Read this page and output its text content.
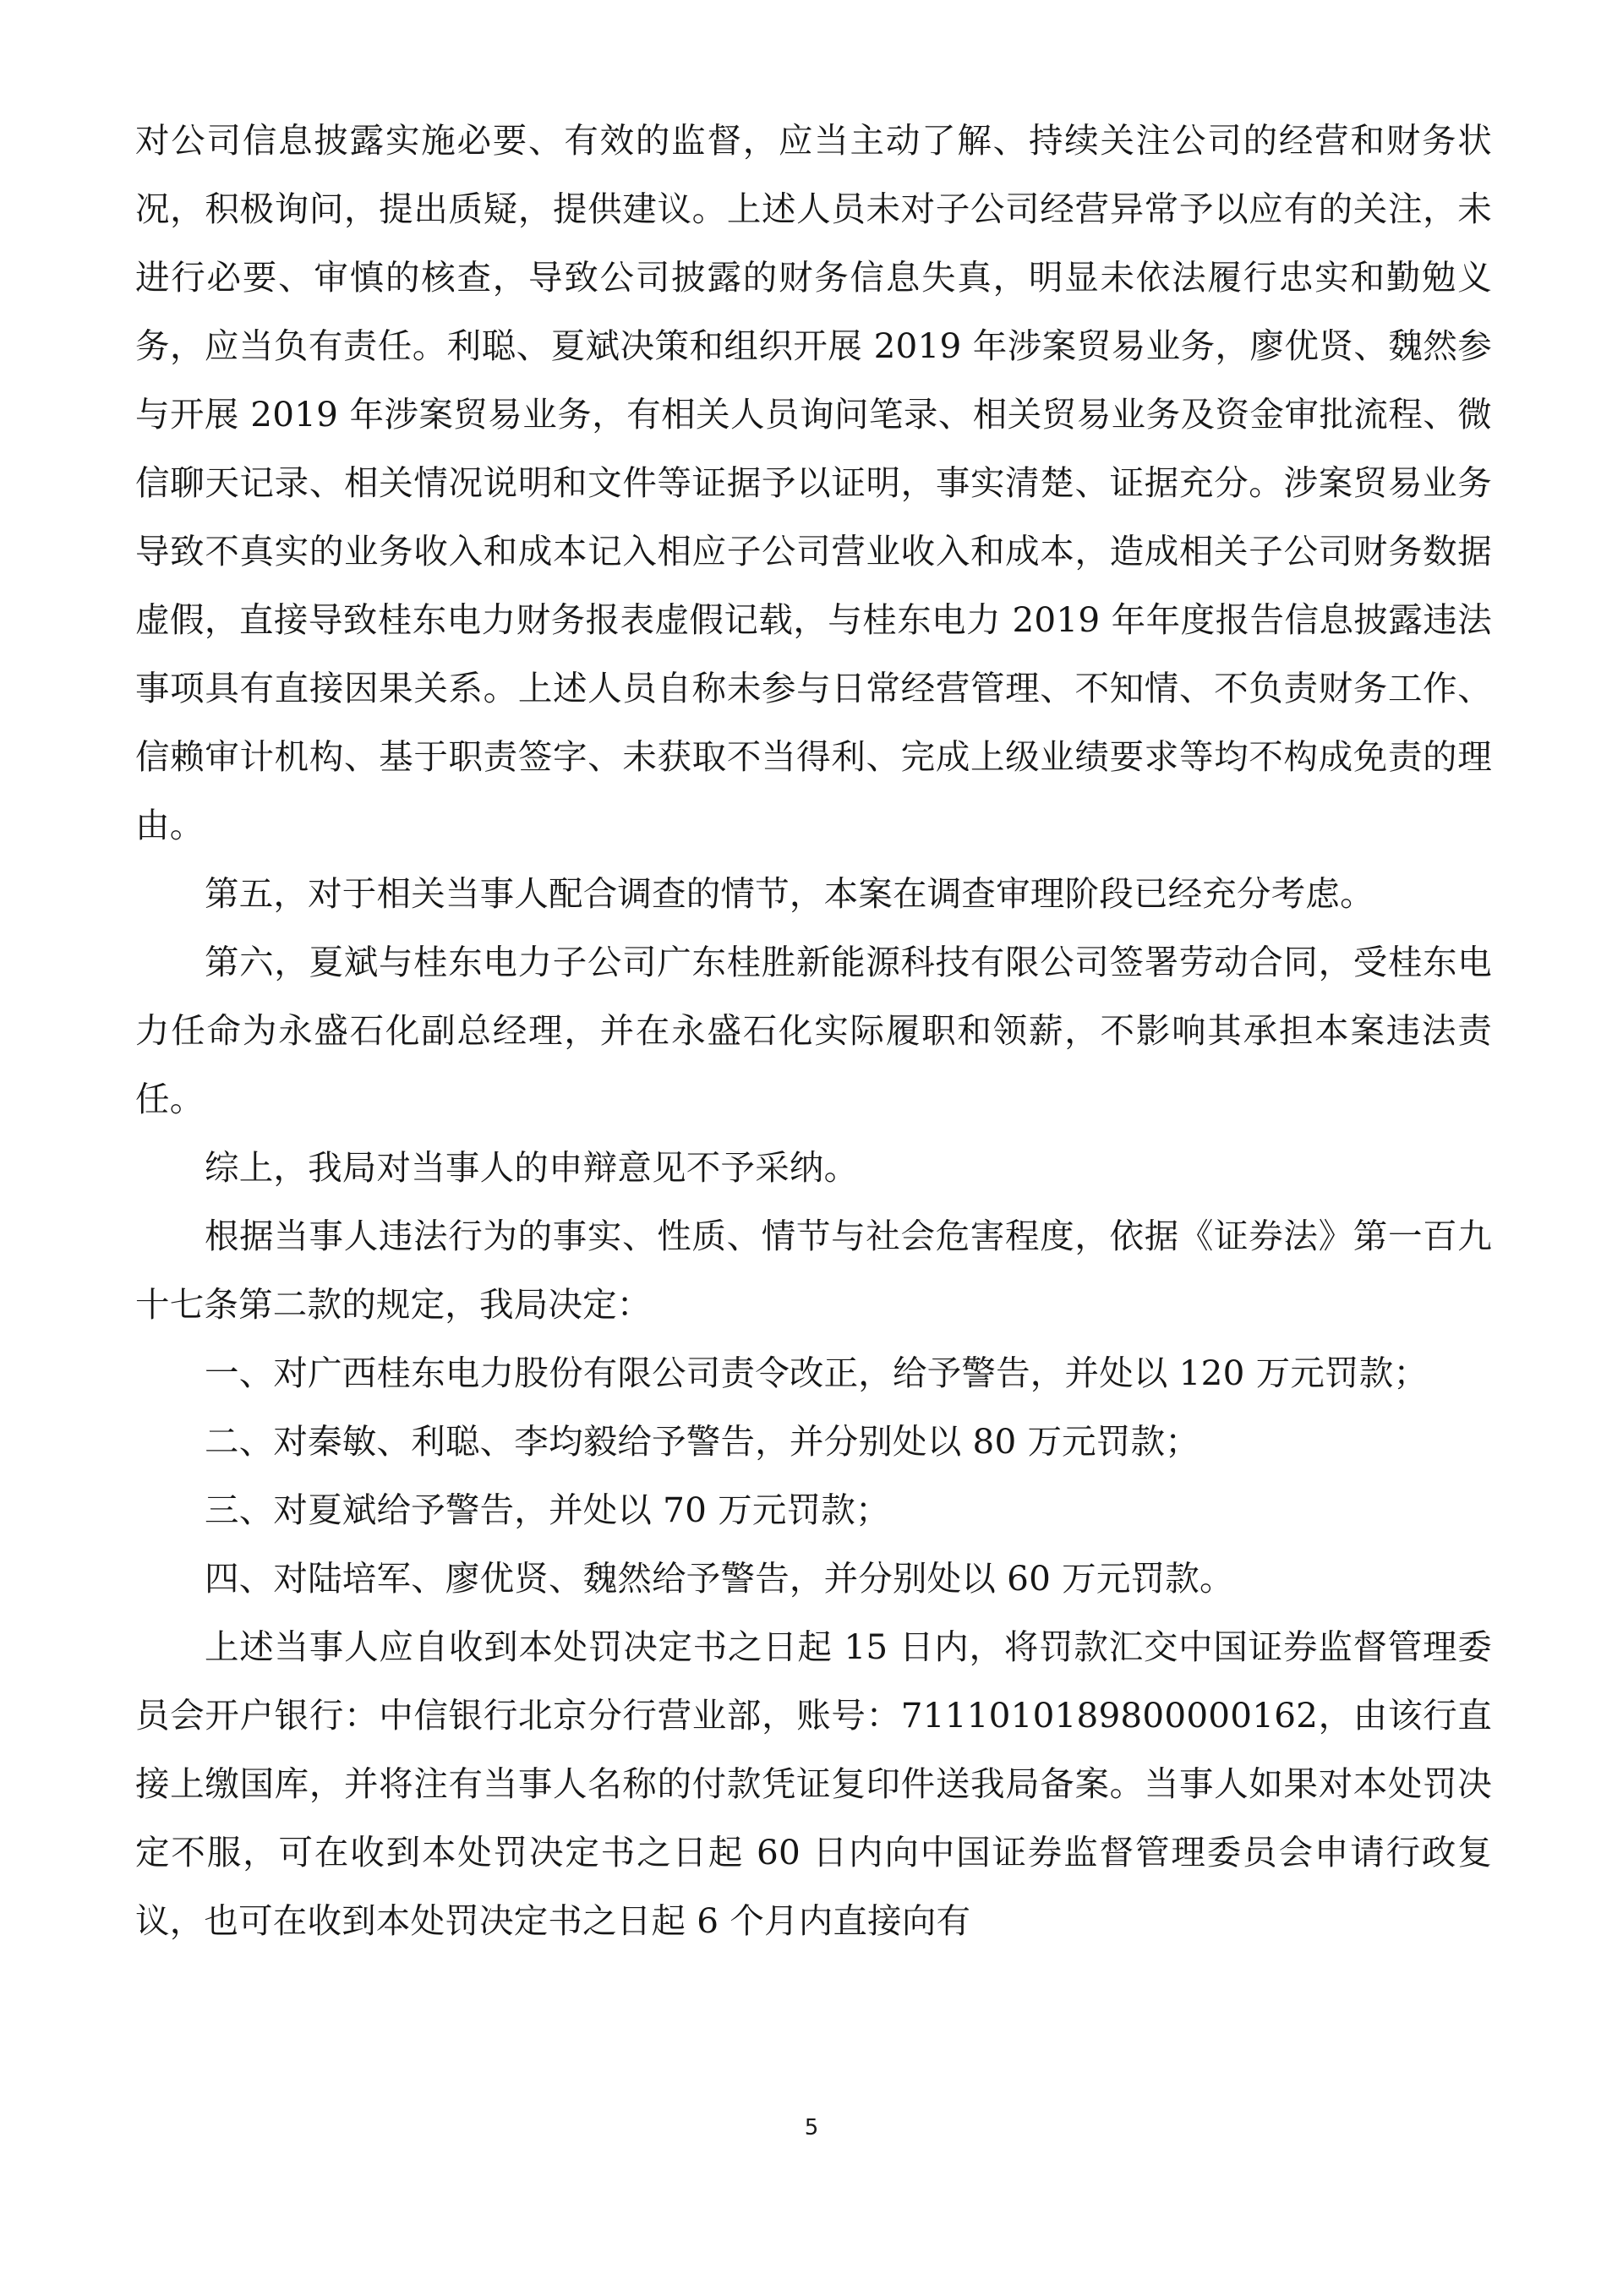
对公司信息披露实施必要、有效的监督，应当主动了解、持续关注公司的经营和财务状况，积极询问，提出质疑，提供建议。上述人员未对子公司经营异常予以应有的关注，未进行必要、审慎的核查，导致公司披露的财务信息失真，明显未依法履行忠实和勤勉义务，应当负有责任。利聪、夏斌决策和组织开展 2019 年涉案贸易业务，廖优贤、魏然参与开展 2019 年涉案贸易业务，有相关人员询问笔录、相关贸易业务及资金审批流程、微信聊天记录、相关情况说明和文件等证据予以证明，事实清楚、证据充分。涉案贸易业务导致不真实的业务收入和成本记入相应子公司营业收入和成本，造成相关子公司财务数据虚假，直接导致桂东电力财务报表虚假记载，与桂东电力 2019 年年度报告信息披露违法事项具有直接因果关系。上述人员自称未参与日常经营管理、不知情、不负责财务工作、 信赖审计机构、基于职责签字、未获取不当得利、完成上级业绩要求等均不构成免责的理由。

第五，对于相关当事人配合调查的情节，本案在调查审理阶段已经充分考虑。

第六，夏斌与桂东电力子公司广东桂胜新能源科技有限公司签署劳动合同，受桂东电力任命为永盛石化副总经理，并在永盛石化实际履职和领薪，不影响其承担本案违法责任。

综上，我局对当事人的申辩意见不予采纳。

根据当事人违法行为的事实、性质、情节与社会危害程度，依据《证券法》第一百九十七条第二款的规定，我局决定：

一、对广西桂东电力股份有限公司责令改正，给予警告，并处以 120 万元罚款；

二、对秦敏、利聪、李均毅给予警告，并分别处以 80 万元罚款；

三、对夏斌给予警告，并处以 70 万元罚款；

四、对陆培军、廖优贤、魏然给予警告，并分别处以 60 万元罚款。

上述当事人应自收到本处罚决定书之日起 15 日内，将罚款汇交中国证券监督管理委员会开户银行：中信银行北京分行营业部，账号：7111010189800000162，由该行直接上缴国库，并将注有当事人名称的付款凭证复印件送我局备案。当事人如果对本处罚决定不服，可在收到本处罚决定书之日起 60 日内向中国证券监督管理委员会申请行政复议，也可在收到本处罚决定书之日起 6 个月内直接向有

5
